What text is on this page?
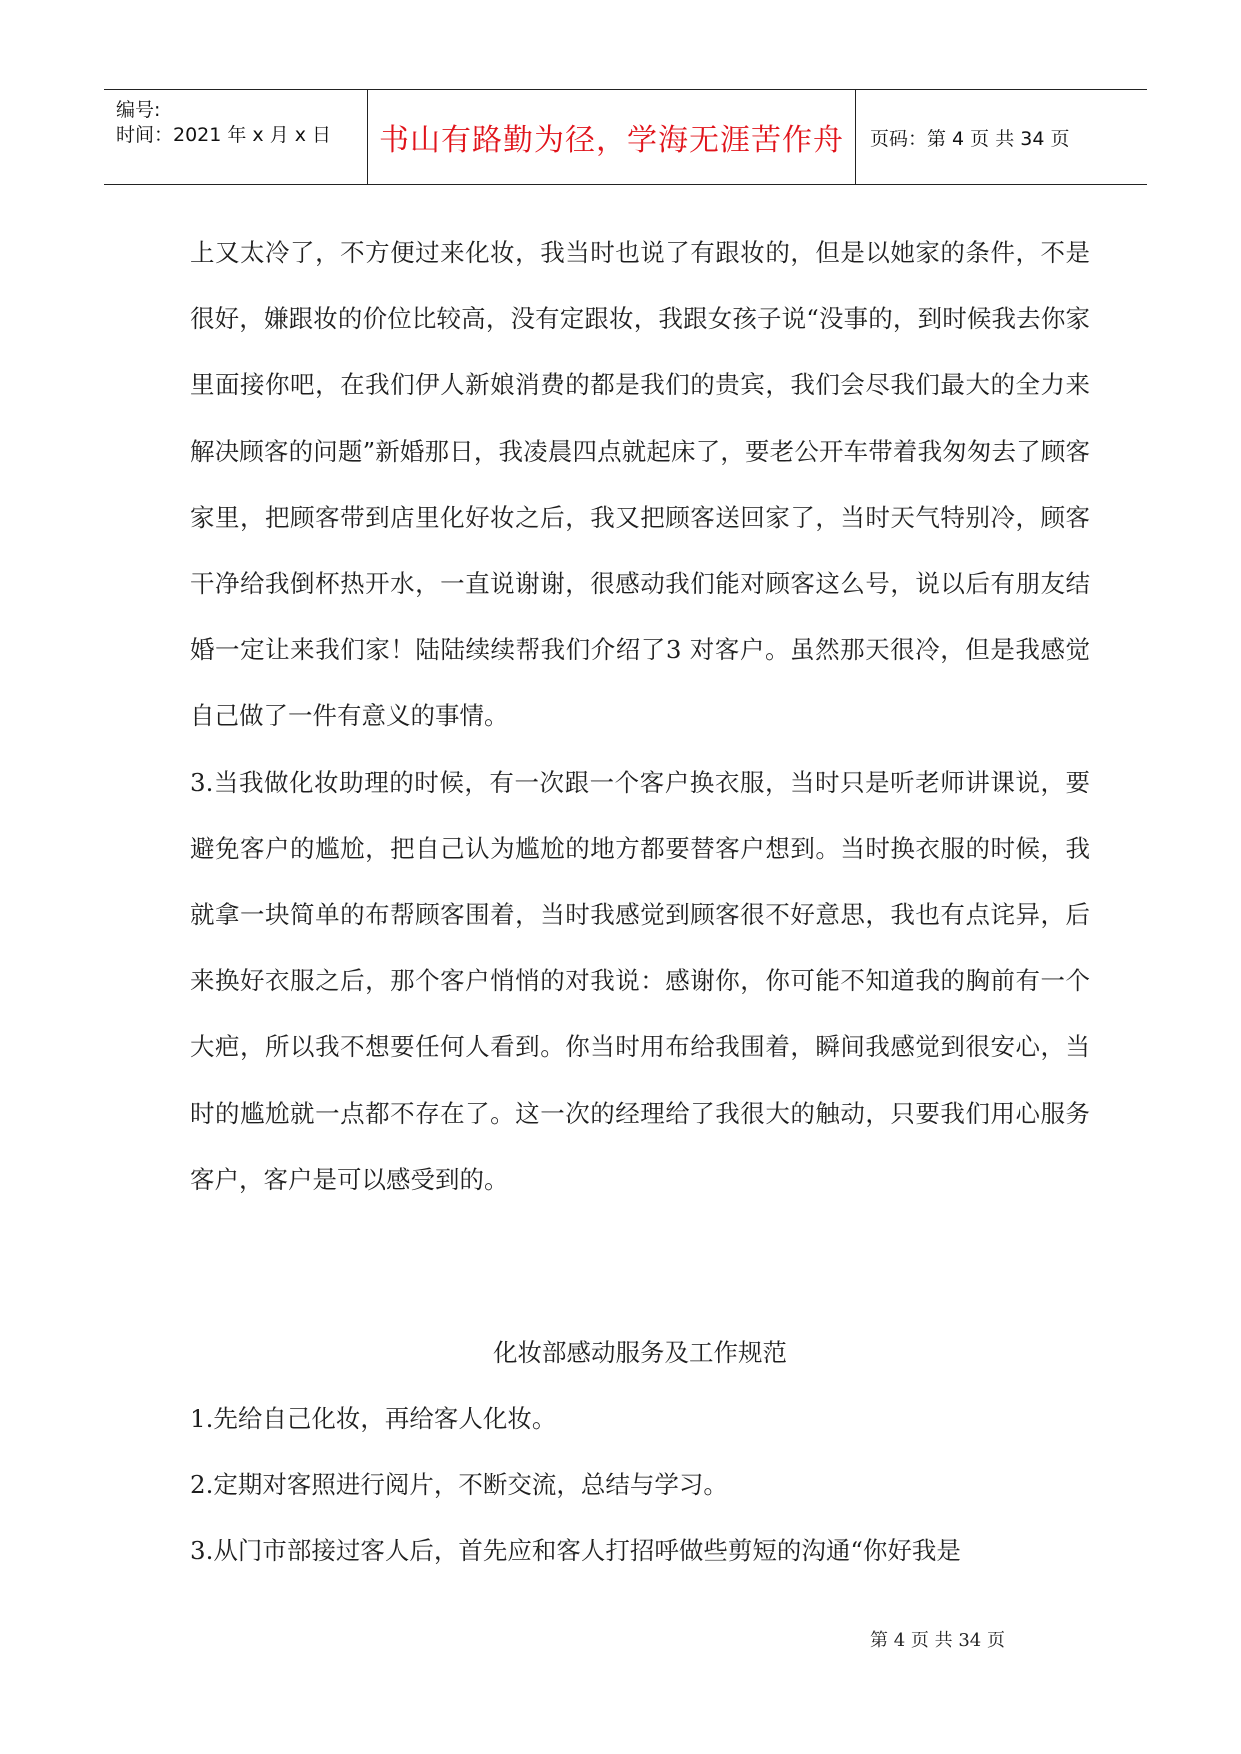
编号:
时间：2021 年 x 月 x 日 书山有路勤为径，学海无涯苦作舟 页码：第 4 页 共 34 页

上又太冷了，不方便过来化妆，我当时也说了有跟妆的，但是以她家的条件，不是很好，嫌跟妆的价位比较高，没有定跟妆，我跟女孩子说“没事的，到时候我去你家里面接你吧，在我们伊人新娘消费的都是我们的贵宾，我们会尽我们最大的全力来解决顾客的问题”新婚那日，我凌晨四点就起床了，要老公开车带着我匆匆去了顾客家里，把顾客带到店里化好妆之后，我又把顾客送回家了，当时天气特别冷，顾客干净给我倒杯热开水，一直说谢谢，很感动我们能对顾客这么号，说以后有朋友结婚一定让来我们家！陆陆续续帮我们介绍了3 对客户。虽然那天很冷，但是我感觉自己做了一件有意义的事情。

3.当我做化妆助理的时候，有一次跟一个客户换衣服，当时只是听老师讲课说，要避免客户的尴尬，把自己认为尴尬的地方都要替客户想到。当时换衣服的时候，我就拿一块简单的布帮顾客围着，当时我感觉到顾客很不好意思，我也有点诧异，后来换好衣服之后，那个客户悄悄的对我说：感谢你，你可能不知道我的胸前有一个大疤，所以我不想要任何人看到。你当时用布给我围着，瞬间我感觉到很安心，当时的尴尬就一点都不存在了。这一次的经理给了我很大的触动，只要我们用心服务客户，客户是可以感受到的。

化妆部感动服务及工作规范

1.先给自己化妆，再给客人化妆。

2.定期对客照进行阅片，不断交流，总结与学习。

3.从门市部接过客人后，首先应和客人打招呼做些剪短的沟通“你好我是

第 4 页 共 34 页
